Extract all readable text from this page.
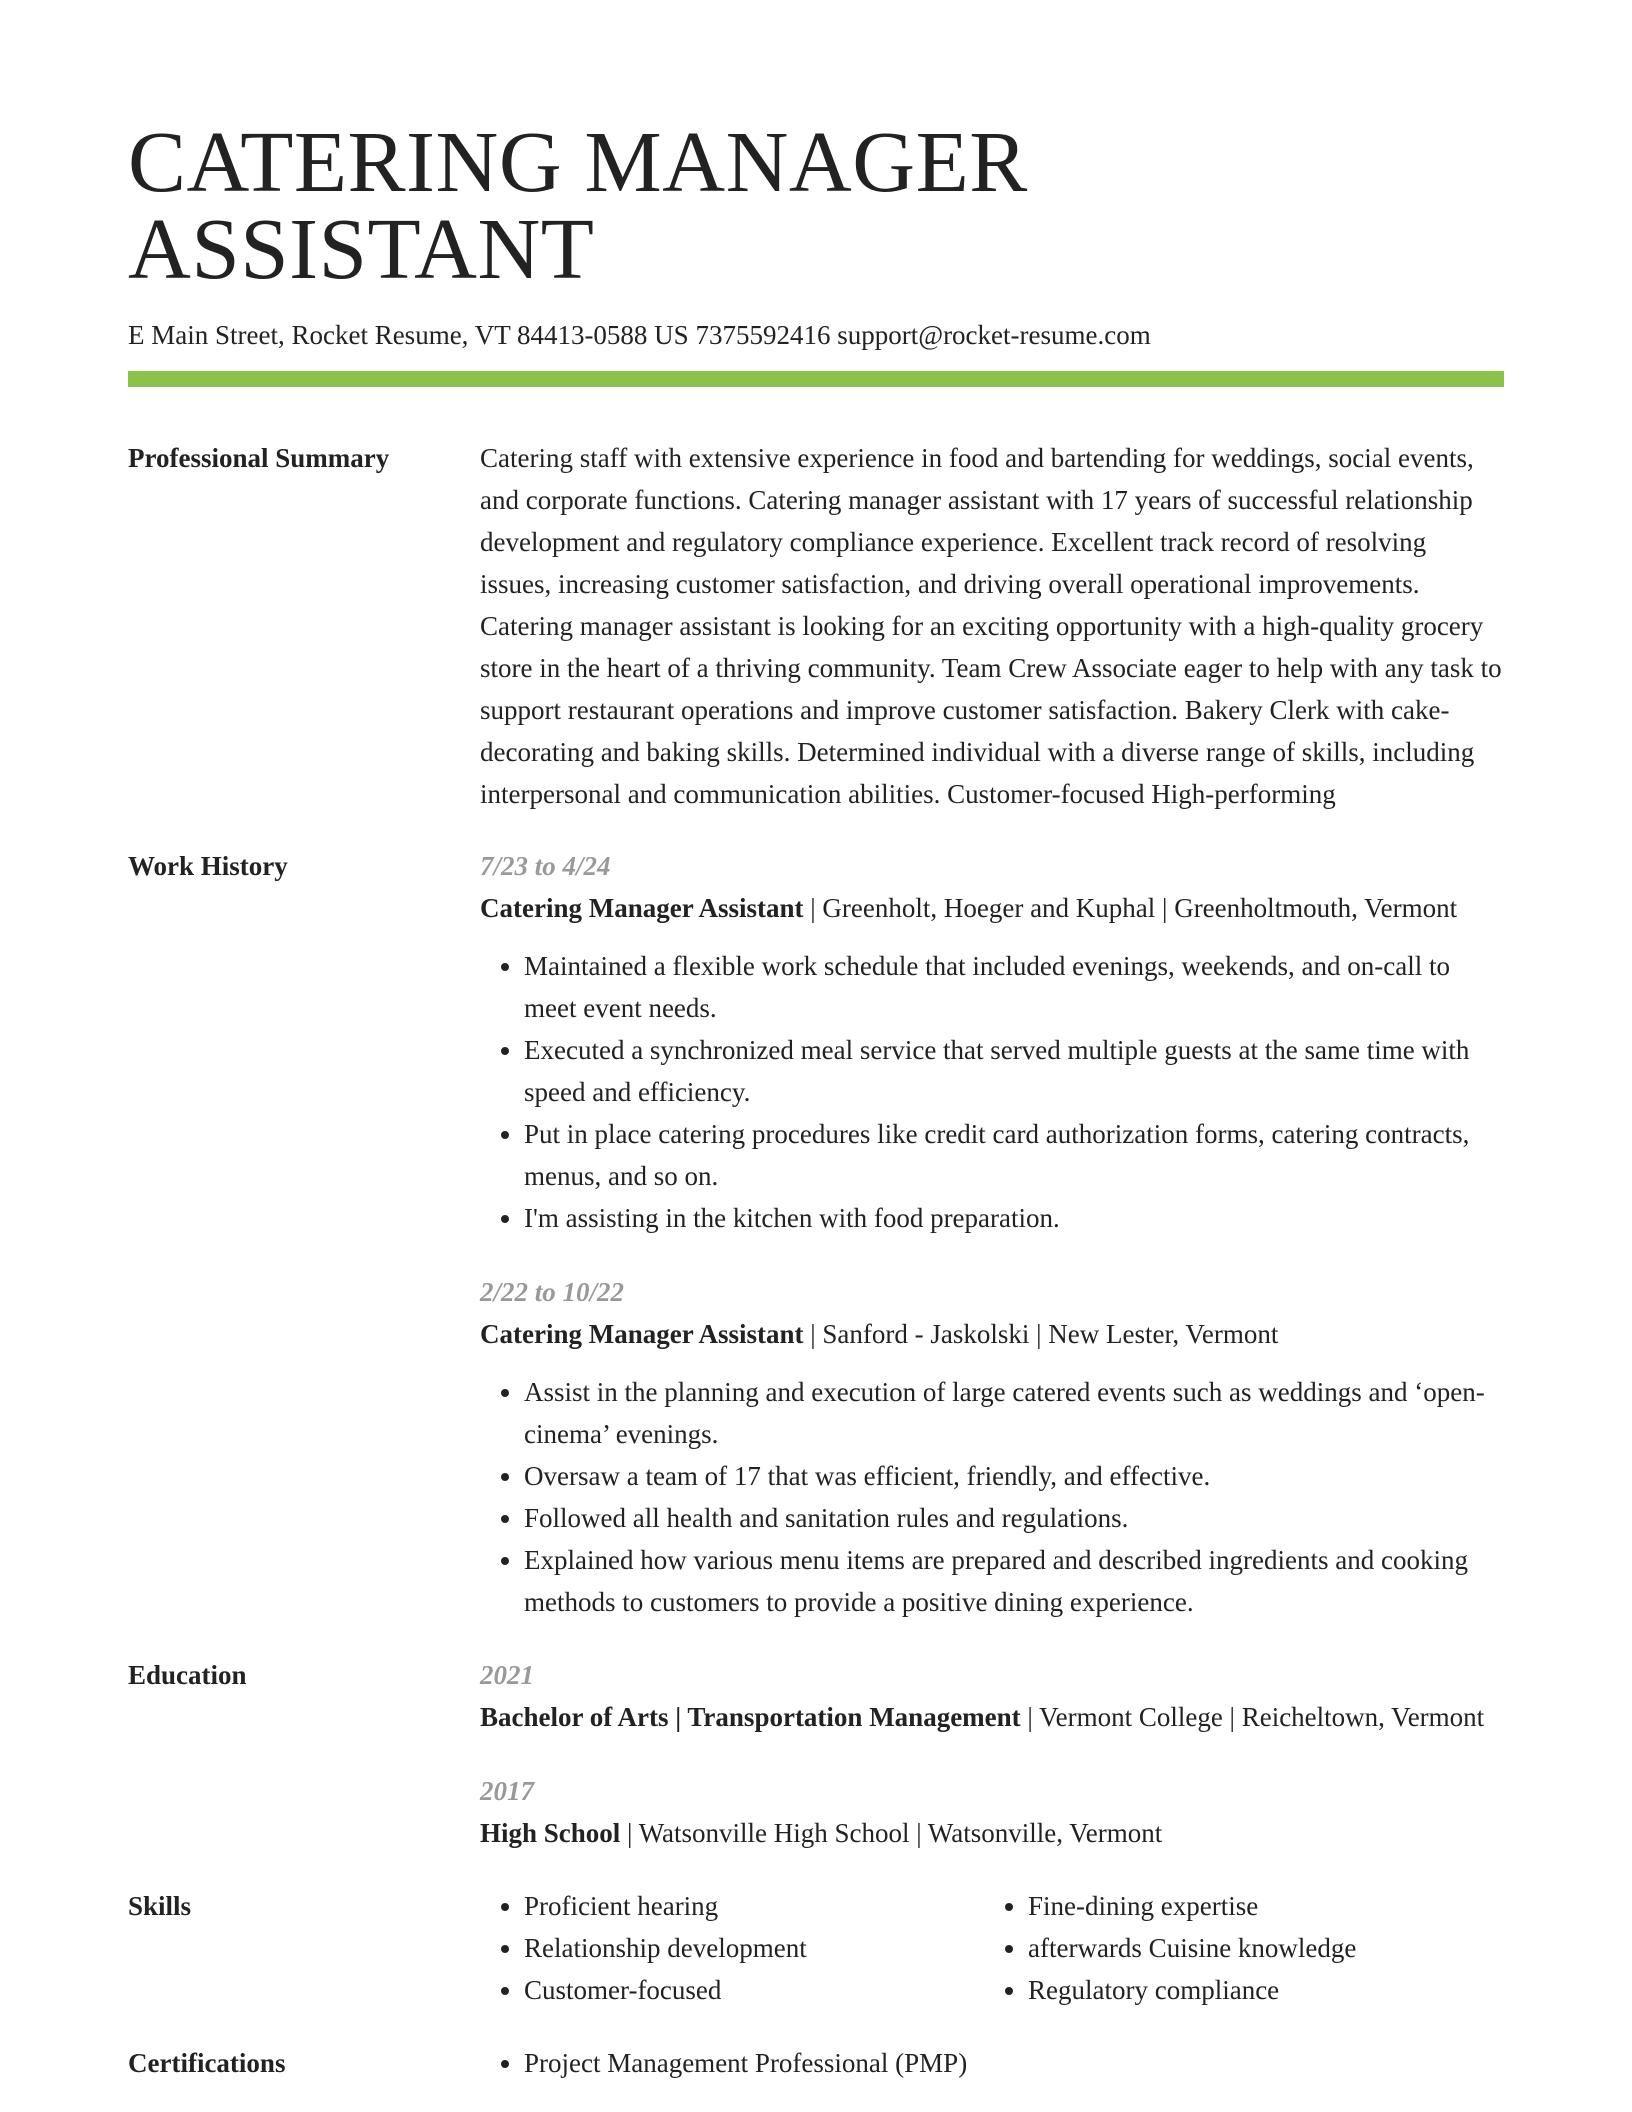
CATERING MANAGER ASSISTANT
E Main Street, Rocket Resume, VT 84413-0588 US 7375592416 support@rocket-resume.com
Professional Summary	Catering staff with extensive experience in food and bartending for weddings, social events, and corporate functions. Catering manager assistant with 17 years of successful relationship development and regulatory compliance experience. Excellent track record of resolving issues, increasing customer satisfaction, and driving overall operational improvements. Catering manager assistant is looking for an exciting opportunity with a high-quality grocery store in the heart of a thriving community. Team Crew Associate eager to help with any task to support restaurant operations and improve customer satisfaction. Bakery Clerk with cake-decorating and baking skills. Determined individual with a diverse range of skills, including interpersonal and communication abilities. Customer-focused High-performing
Work History	7/23 to 4/24
Catering Manager Assistant | Greenholt, Hoeger and Kuphal | Greenholtmouth, Vermont
• Maintained a flexible work schedule that included evenings, weekends, and on-call to meet event needs.
• Executed a synchronized meal service that served multiple guests at the same time with speed and efficiency.
• Put in place catering procedures like credit card authorization forms, catering contracts, menus, and so on.
• I'm assisting in the kitchen with food preparation.
2/22 to 10/22
Catering Manager Assistant | Sanford - Jaskolski | New Lester, Vermont
• Assist in the planning and execution of large catered events such as weddings and ‘open-cinema’ evenings.
• Oversaw a team of 17 that was efficient, friendly, and effective.
• Followed all health and sanitation rules and regulations.
• Explained how various menu items are prepared and described ingredients and cooking methods to customers to provide a positive dining experience.
Education	2021
Bachelor of Arts | Transportation Management | Vermont College | Reicheltown, Vermont
2017
High School | Watsonville High School | Watsonville, Vermont
Skills	• Proficient hearing
• Relationship development
• Customer-focused
• Fine-dining expertise
• afterwards Cuisine knowledge
• Regulatory compliance
Certifications	• Project Management Professional (PMP)
